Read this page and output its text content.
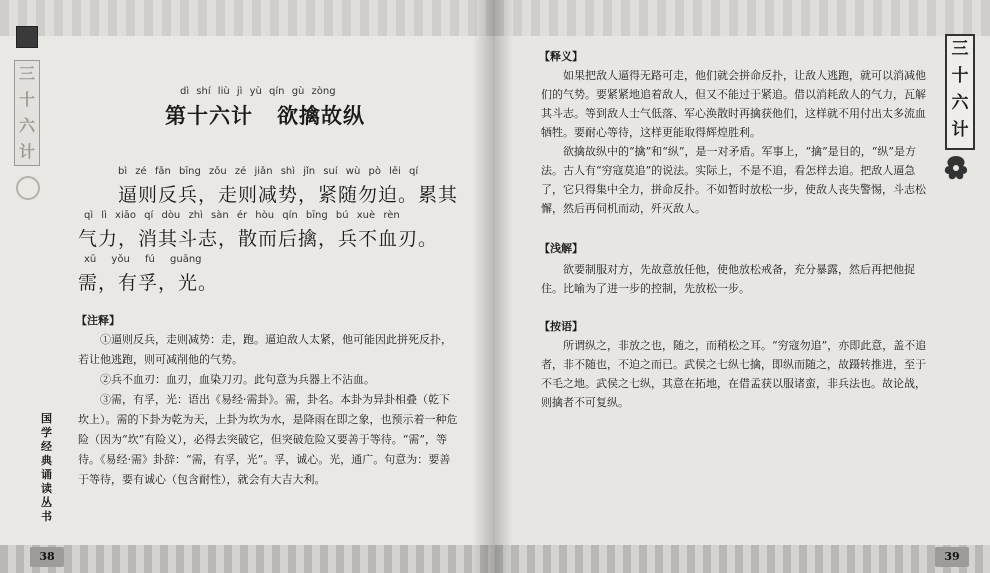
三
十
六
计

dì shí liù jì yù qín gù zòng
第十六计 欲擒故纵
bì zé fǎn bīng zǒu zé jiǎn shì jǐn suí wù pò lěi qí
逼则反兵，走则减势，紧随勿迫。累其
qì lì xiāo qí dòu zhì sàn ér hòu qín bīng bú xuè rèn
气力，消其斗志，散而后擒，兵不血刃。
xū yǒu fú guāng
需，有孚，光。
【注释】

①逼则反兵，走则减势：走，跑。逼迫敌人太紧，他可能因此拼死反扑，若让他逃跑，则可减削他的气势。

②兵不血刃：血刃，血染刀刃。此句意为兵器上不沾血。

③需，有孚，光：语出《易经·需卦》。需，卦名。本卦为异卦相叠（乾下坎上）。需的下卦为乾为天，上卦为坎为水，是降雨在即之象，也预示着一种危险（因为“坎”有险义），必得去突破它，但突破危险又要善于等待。“需”，等待。《易经·需》卦辞：“需，有孚，光”。孚，诚心。光，通广。句意为：要善于等待，要有诚心（包含耐性），就会有大吉大利。

国学经典诵读丛书
38
三十六计
【释义】

如果把敌人逼得无路可走，他们就会拼命反扑，让敌人逃跑，就可以消减他们的气势。要紧紧地追着敌人，但又不能过于紧追。借以消耗敌人的气力，瓦解其斗志。等到敌人士气低落、军心涣散时再擒获他们，这样就不用付出太多流血牺牲。要耐心等待，这样更能取得辉煌胜利。

欲擒故纵中的“擒”和“纵”，是一对矛盾。军事上，“擒”是目的，“纵”是方法。古人有“穷寇莫追”的说法。实际上，不是不追，看怎样去追。把敌人逼急了，它只得集中全力，拼命反扑。不如暂时放松一步，使敌人丧失警惕，斗志松懈，然后再伺机而动，歼灭敌人。

【浅解】

欲要制服对方，先故意放任他，使他放松戒备，充分暴露，然后再把他捉住。比喻为了进一步的控制，先放松一步。

【按语】

所谓纵之，非放之也，随之，而稍松之耳。“穷寇勿追”，亦即此意，盖不追者，非不随也，不迫之而已。武侯之七纵七擒，即纵而随之，故蹑转推进，至于不毛之地。武侯之七纵，其意在拓地，在借孟获以服诸蛮，非兵法也。故论战，则擒者不可复纵。

39
